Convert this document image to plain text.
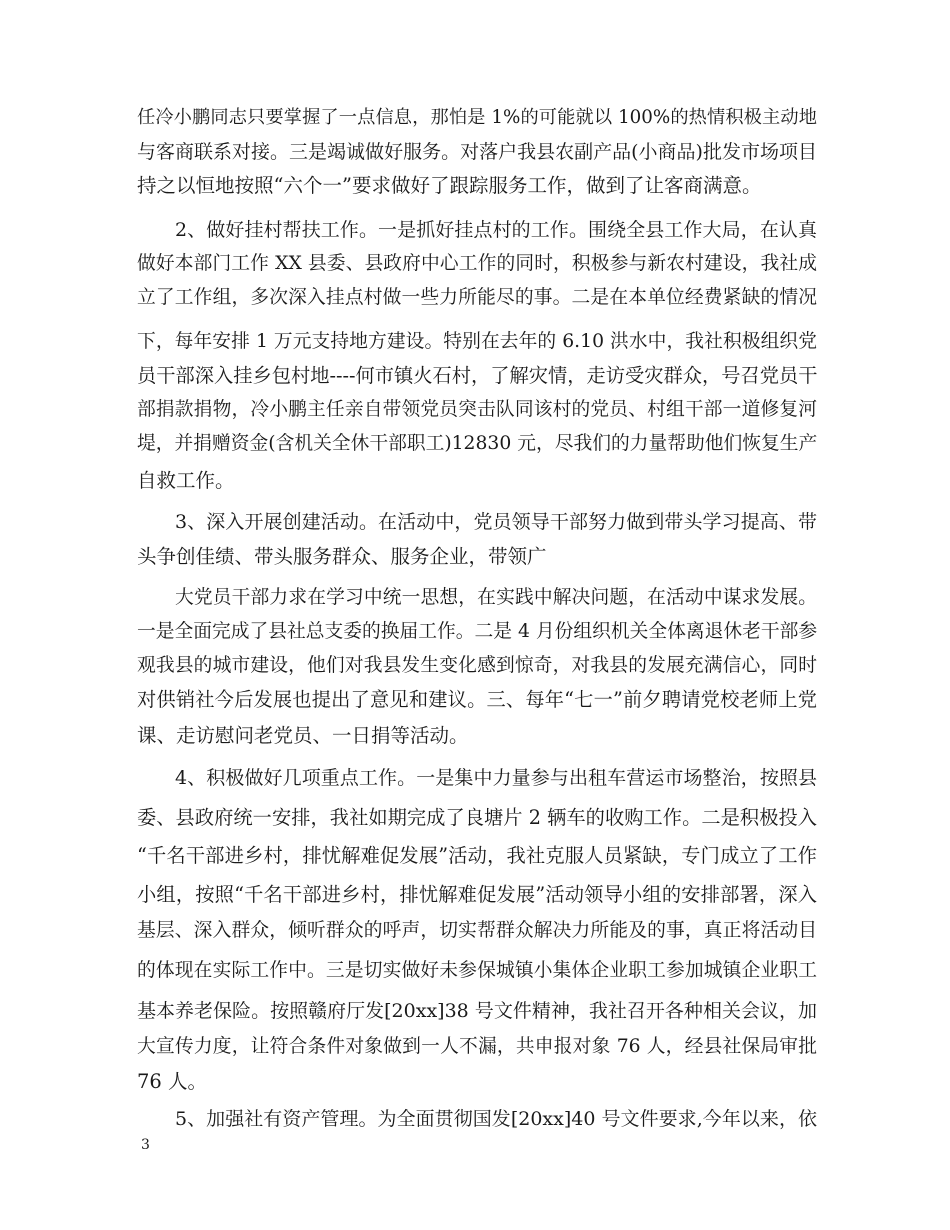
任冷小鹏同志只要掌握了一点信息，那怕是 1%的可能就以 100%的热情积极主动地
与客商联系对接。三是竭诚做好服务。对落户我县农副产品(小商品)批发市场项目
持之以恒地按照“六个一”要求做好了跟踪服务工作，做到了让客商满意。
2、做好挂村帮扶工作。一是抓好挂点村的工作。围绕全县工作大局，在认真
做好本部门工作 XX 县委、县政府中心工作的同时，积极参与新农村建设，我社成
立了工作组，多次深入挂点村做一些力所能尽的事。二是在本单位经费紧缺的情况
下，每年安排 1 万元支持地方建设。特别在去年的 6.10 洪水中，我社积极组织党
员干部深入挂乡包村地----何市镇火石村，了解灾情，走访受灾群众，号召党员干
部捐款捐物，冷小鹏主任亲自带领党员突击队同该村的党员、村组干部一道修复河
堤，并捐赠资金(含机关全休干部职工)12830 元，尽我们的力量帮助他们恢复生产
自救工作。
3、深入开展创建活动。在活动中，党员领导干部努力做到带头学习提高、带
头争创佳绩、带头服务群众、服务企业，带领广
大党员干部力求在学习中统一思想，在实践中解决问题，在活动中谋求发展。
一是全面完成了县社总支委的换届工作。二是 4 月份组织机关全体离退休老干部参
观我县的城市建设，他们对我县发生变化感到惊奇，对我县的发展充满信心，同时
对供销社今后发展也提出了意见和建议。三、每年“七一”前夕聘请党校老师上党
课、走访慰问老党员、一日捐等活动。
4、积极做好几项重点工作。一是集中力量参与出租车营运市场整治，按照县
委、县政府统一安排，我社如期完成了良塘片 2 辆车的收购工作。二是积极投入
“千名干部进乡村，排忧解难促发展”活动，我社克服人员紧缺，专门成立了工作
小组，按照“千名干部进乡村，排忧解难促发展”活动领导小组的安排部署，深入
基层、深入群众，倾听群众的呼声，切实帮群众解决力所能及的事，真正将活动目
的体现在实际工作中。三是切实做好未参保城镇小集体企业职工参加城镇企业职工
基本养老保险。按照赣府厅发[20xx]38 号文件精神，我社召开各种相关会议，加
大宣传力度，让符合条件对象做到一人不漏，共申报对象 76 人，经县社保局审批
76 人。
5、加强社有资产管理。为全面贯彻国发[20xx]40 号文件要求,今年以来，依
3
